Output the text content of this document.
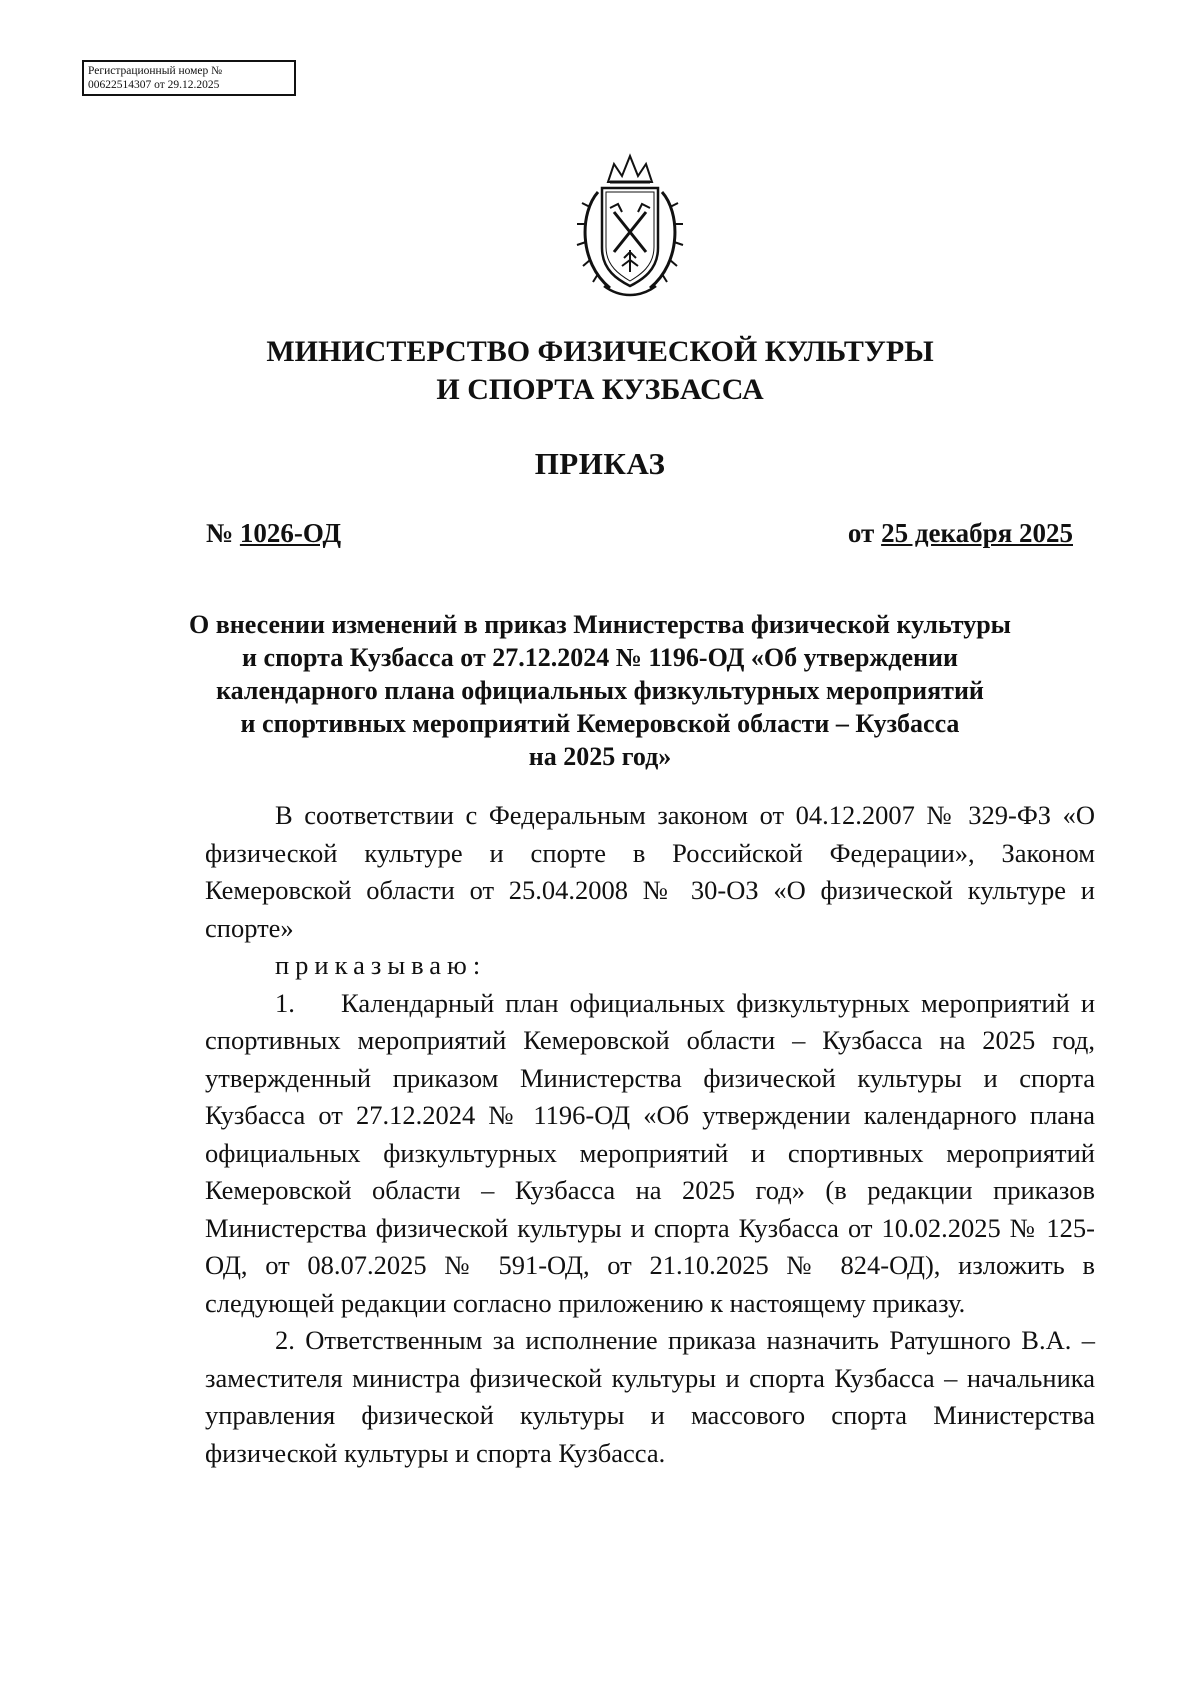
Регистрационный номер №
00622514307 от 29.12.2025
МИНИСТЕРСТВО ФИЗИЧЕСКОЙ КУЛЬТУРЫ
И СПОРТА КУЗБАССА
ПРИКАЗ
№ 1026-ОД	от 25 декабря 2025
О внесении изменений в приказ Министерства физической культуры
и спорта Кузбасса от 27.12.2024 № 1196-ОД «Об утверждении
календарного плана официальных физкультурных мероприятий
и спортивных мероприятий Кемеровской области – Кузбасса
на 2025 год»

В соответствии с Федеральным законом от 04.12.2007 № 329-ФЗ «О физической культуре и спорте в Российской Федерации», Законом Кемеровской области от 25.04.2008 № 30-ОЗ «О физической культуре и спорте»

приказываю:

1. Календарный план официальных физкультурных мероприятий и спортивных мероприятий Кемеровской области – Кузбасса на 2025 год, утвержденный приказом Министерства физической культуры и спорта Кузбасса от 27.12.2024 № 1196-ОД «Об утверждении календарного плана официальных физкультурных мероприятий и спортивных мероприятий Кемеровской области – Кузбасса на 2025 год» (в редакции приказов Министерства физической культуры и спорта Кузбасса от 10.02.2025 № 125-ОД, от 08.07.2025 № 591-ОД, от 21.10.2025 № 824-ОД), изложить в следующей редакции согласно приложению к настоящему приказу.

2. Ответственным за исполнение приказа назначить Ратушного В.А. – заместителя министра физической культуры и спорта Кузбасса – начальника управления физической культуры и массового спорта Министерства физической культуры и спорта Кузбасса.
